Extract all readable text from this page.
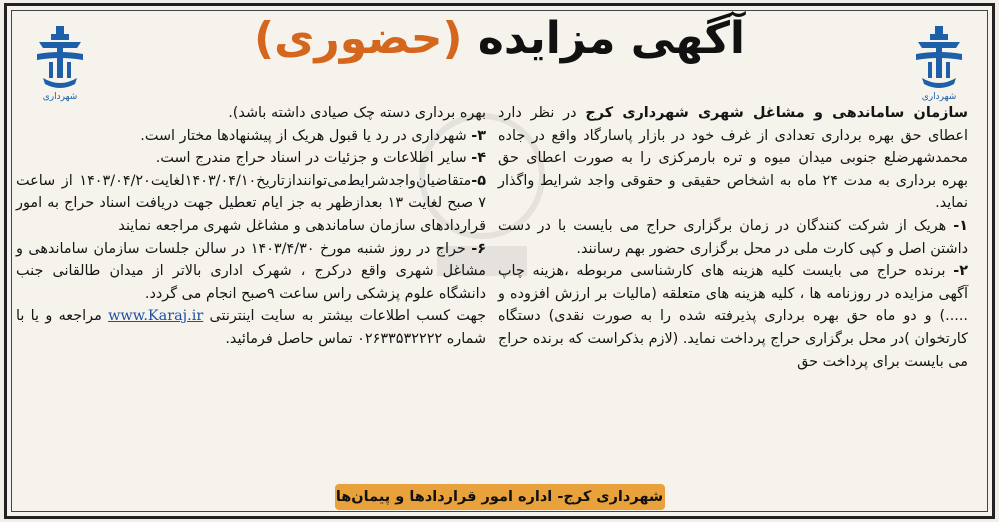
شهرداری
شهرداری
آگهی مزایده (حضوری)

سازمان ساماندهی و مشاغل شهری شهرداری کرج در نظر دارد اعطای حق بهره برداری تعدادی از غرف خود در بازار پاسارگاد واقع در جاده محمدشهرضلع جنوبی میدان میوه و تره بارمرکزی را به صورت اعطای حق بهره برداری به مدت ۲۴ ماه به اشخاص حقیقی و حقوقی واجد شرایط واگذار نماید.

۱- هریک از شرکت کنندگان در زمان برگزاری حراج می بایست با در دست داشتن اصل و کپی کارت ملی در محل برگزاری حضور بهم رسانند.

۲- برنده حراج می بایست کلیه هزینه های کارشناسی مربوطه ،هزینه چاپ آگهی مزایده در روزنامه ها ، کلیه هزینه های متعلقه (مالیات بر ارزش افزوده و .....) و دو ماه حق بهره برداری پذیرفته شده را به صورت نقدی) دستگاه کارتخوان )در محل برگزاری حراج پرداخت نماید. (لازم بذکراست که برنده حراج می بایست برای پرداخت حق

بهره برداری دسته چک صیادی داشته باشد).

۳- شهرداری در رد یا قبول هریک از پیشنهادها مختار است.

۴- سایر اطلاعات و جزئیات در اسناد حراج مندرج است.

۵-متقاضیان‌واجدشرایط‌می‌توانندازتاریخ۱۴۰۳/۰۴/۱۰لغایت۱۴۰۳/۰۴/۲۰ از ساعت ۷ صبح لغایت ۱۳ بعدازظهر به جز ایام تعطیل جهت دریافت اسناد حراج به امور قراردادهای سازمان ساماندهی و مشاغل شهری مراجعه نمایند

۶- حراج در روز شنبه مورخ ۱۴۰۳/۴/۳۰ در سالن جلسات سازمان ساماندهی و مشاغل شهری واقع درکرج ، شهرک اداری بالاتر از میدان طالقانی جنب دانشگاه علوم پزشکی راس ساعت ۹صبح انجام می گردد.

جهت کسب اطلاعات بیشتر به سایت اینترنتی www.Karaj.ir مراجعه و یا با شماره ۰۲۶۳۳۵۳۲۲۲۲ تماس حاصل فرمائید.

شهرداری کرج- اداره امور قراردادها و پیمان‌ها
